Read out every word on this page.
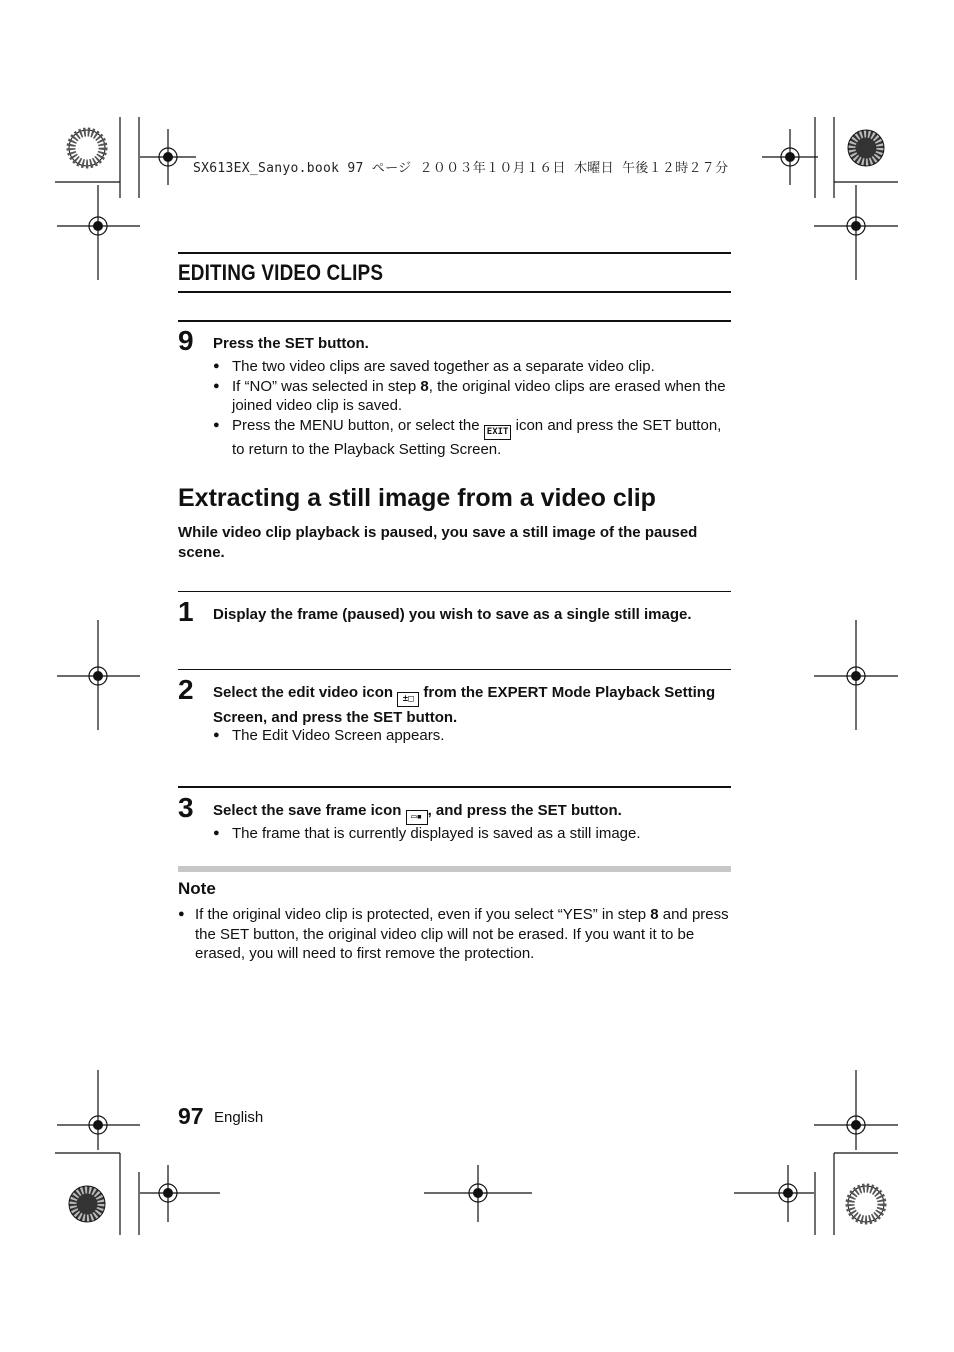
SX613EX_Sanyo.book 97 ページ ２００３年１０月１６日 木曜日 午後１２時２７分
EDITING VIDEO CLIPS
9 Press the SET button.
● The two video clips are saved together as a separate video clip.
● If “NO” was selected in step 8, the original video clips are erased when the joined video clip is saved.
● Press the MENU button, or select the EXIT icon and press the SET button, to return to the Playback Setting Screen.
Extracting a still image from a video clip
While video clip playback is paused, you save a still image of the paused scene.
1 Display the frame (paused) you wish to save as a single still image.
2 Select the edit video icon ±□ from the EXPERT Mode Playback Setting Screen, and press the SET button.
● The Edit Video Screen appears.
3 Select the save frame icon ▭▪ , and press the SET button.
● The frame that is currently displayed is saved as a still image.
Note
● If the original video clip is protected, even if you select “YES” in step 8 and press the SET button, the original video clip will not be erased. If you want it to be erased, you will need to first remove the protection.
97 English
